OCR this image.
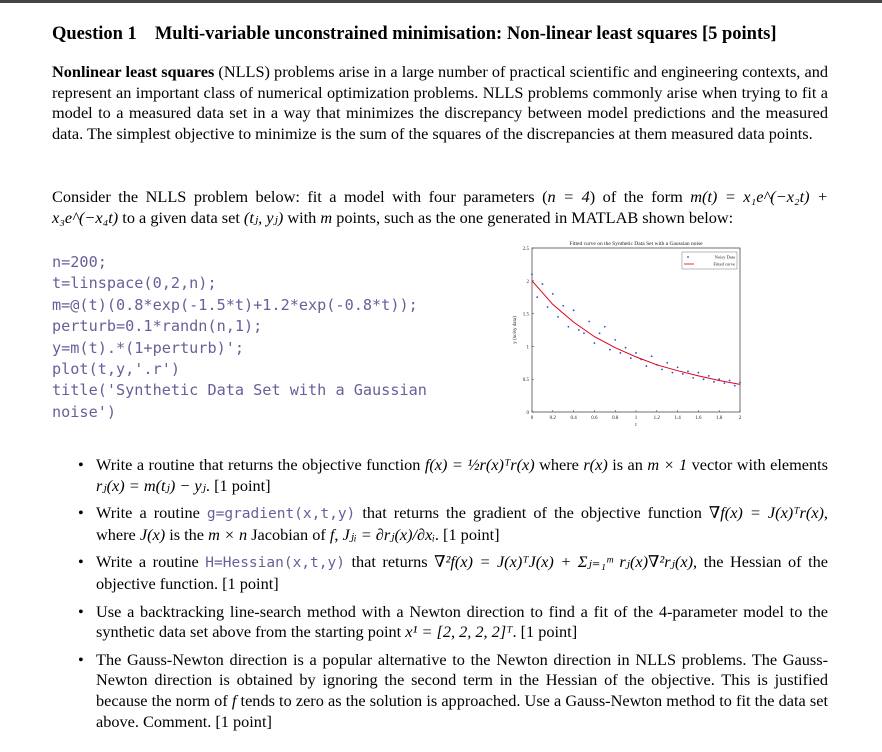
Question 1 Multi-variable unconstrained minimisation: Non-linear least squares [5 points]
Nonlinear least squares (NLLS) problems arise in a large number of practical scientific and engineering contexts, and represent an important class of numerical optimization problems. NLLS problems commonly arise when trying to fit a model to a measured data set in a way that minimizes the discrepancy between model predictions and the measured data. The simplest objective to minimize is the sum of the squares of the discrepancies at them measured data points.
Consider the NLLS problem below: fit a model with four parameters (n = 4) of the form m(t) = x₁e^(−x₂t) + x₃e^(−x₄t) to a given data set (tⱼ, yⱼ) with m points, such as the one generated in MATLAB shown below:
n=200;
t=linspace(0,2,n);
m=@(t)(0.8*exp(-1.5*t)+1.2*exp(-0.8*t));
perturb=0.1*randn(n,1);
y=m(t).*(1+perturb)';
plot(t,y,'.r')
title('Synthetic Data Set with a Gaussian
noise')
Fitted curve on the Synthetic Data Set with a Gaussian noise
0	0.2	0.4	0.6	0.8	1	1.2	1.4	1.6	1.8	2
0
0.5
1
1.5
2
2.5
t
y (noisy data)
Noisy Data
Fitted curve
• Write a routine that returns the objective function f(x) = ½r(x)ᵀr(x) where r(x) is an m × 1 vector with elements rⱼ(x) = m(tⱼ) − yⱼ. [1 point]
• Write a routine g=gradient(x,t,y) that returns the gradient of the objective function ∇f(x) = J(x)ᵀr(x), where J(x) is the m × n Jacobian of f, Jⱼᵢ = ∂rⱼ(x)/∂xᵢ. [1 point]
• Write a routine H=Hessian(x,t,y) that returns ∇²f(x) = J(x)ᵀJ(x) + Σⱼ₌₁ᵐ rⱼ(x)∇²rⱼ(x), the Hessian of the objective function. [1 point]
• Use a backtracking line-search method with a Newton direction to find a fit of the 4-parameter model to the synthetic data set above from the starting point x¹ = [2, 2, 2, 2]ᵀ. [1 point]
• The Gauss-Newton direction is a popular alternative to the Newton direction in NLLS problems. The Gauss-Newton direction is obtained by ignoring the second term in the Hessian of the objective. This is justified because the norm of f tends to zero as the solution is approached. Use a Gauss-Newton method to fit the data set above. Comment. [1 point]
